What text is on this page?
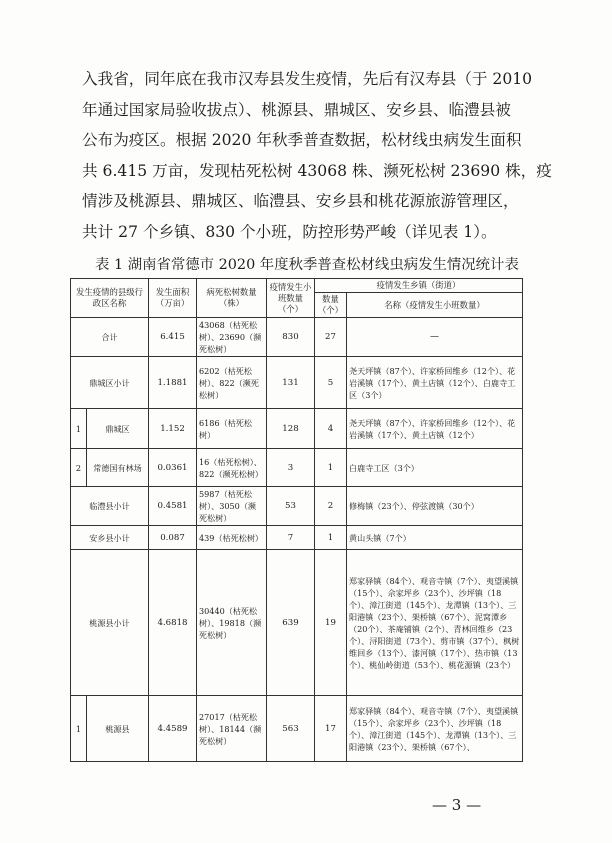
入我省，同年底在我市汉寿县发生疫情，先后有汉寿县（于 2010
年通过国家局验收拔点）、桃源县、鼎城区、安乡县、临澧县被
公布为疫区。根据 2020 年秋季普查数据，松材线虫病发生面积
共 6.415 万亩，发现枯死松树 43068 株、濒死松树 23690 株，疫
情涉及桃源县、鼎城区、临澧县、安乡县和桃花源旅游管理区，
共计 27 个乡镇、830 个小班，防控形势严峻（详见表 1）。
表 1 湖南省常德市 2020 年度秋季普查松材线虫病发生情况统计表
发生疫情的县级行政区名称		发生面积（万亩）	病死松树数量（株）	疫情发生小班数量（个）	疫情发生乡镇（街道）	
					数量（个）	名称（疫情发生小班数量）
合计		6.415	43068（枯死松树）、23690（濒死松树）	830	27	—
鼎城区小计		1.1881	6202（枯死松树）、822（濒死松树）	131	5	尧天坪镇（87个）、许家桥回维乡（12个）、花岩溪镇（17个）、黄土店镇（12个）、白鹿寺工区（3个）
1	鼎城区	1.152	6186（枯死松树）	128	4	尧天坪镇（87个）、许家桥回维乡（12个）、花岩溪镇（17个）、黄土店镇（12个）
2	常德国有林场	0.0361	16（枯死松树）、822（濒死松树）	3	1	白鹿寺工区（3个）
临澧县小计		0.4581	5987（枯死松树）、3050（濒死松树）	53	2	修梅镇（23个）、停弦渡镇（30个）
安乡县小计		0.087	439（枯死松树）	7	1	黄山头镇（7个）
桃源县小计		4.6818	30440（枯死松树）、19818（濒死松树）	639	19	郑家驿镇（84个）、观音寺镇（7个）、夷望溪镇（15个）、佘家坪乡（23个）、沙坪镇（18个）、漳江街道（145个）、龙潭镇（13个）、三阳港镇（23个）、架桥镇（67个）、泥窝潭乡（20个）、茶庵铺镇（2个）、青林回维乡（23个）、浔阳街道（73个）、剪市镇（37个）、枫树维回乡（13个）、漆河镇（17个）、热市镇（13个）、桃仙岭街道（53个）、桃花源镇（23个）
1	桃源县	4.4589	27017（枯死松树）、18144（濒死松树）	563	17	郑家驿镇（84个）、观音寺镇（7个）、夷望溪镇（15个）、佘家坪乡（23个）、沙坪镇（18个）、漳江街道（145个）、龙潭镇（13个）、三阳港镇（23个）、架桥镇（67个）、
— 3 —
